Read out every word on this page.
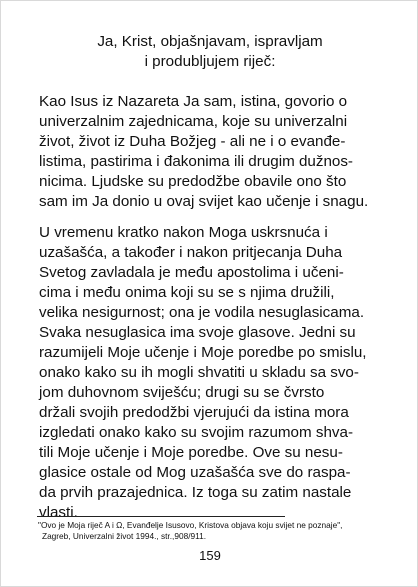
Ja, Krist, objašnjavam, ispravljam
i produbljujem riječ:
Kao Isus iz Nazareta Ja sam, istina, govorio o
univerzalnim zajednicama, koje su univerzalni
život, život iz Duha Božjeg - ali ne i o evanđe-
listima, pastirima i đakonima ili drugim dužnos-
nicima. Ljudske su predodžbe obavile ono što
sam im Ja donio u ovaj svijet kao učenje i snagu.
U vremenu kratko nakon Moga uskrsnuća i
uzašašća, a također i nakon pritjecanja Duha
Svetog zavladala je među apostolima i učeni-
cima i među onima koji su se s njima družili,
velika nesigurnost; ona je vodila nesuglasicama.
Svaka nesuglasica ima svoje glasove. Jedni su
razumijeli Moje učenje i Moje poredbe po smislu,
onako kako su ih mogli shvatiti u skladu sa svo-
jom duhovnom sviješću; drugi su se čvrsto
držali svojih predodžbi vjerujući da istina mora
izgledati onako kako su svojim razumom shva-
tili Moje učenje i Moje poredbe. Ove su nesu-
glasice ostale od Mog uzašašća sve do raspa-
da prvih prazajednica. Iz toga su zatim nastale
vlasti.
"Ovo je Moja riječ A i Ω, Evanđelje Isusovo, Kristova objava koju svijet ne poznaje",
Zagreb, Univerzalni život 1994., str.,908/911.
159
